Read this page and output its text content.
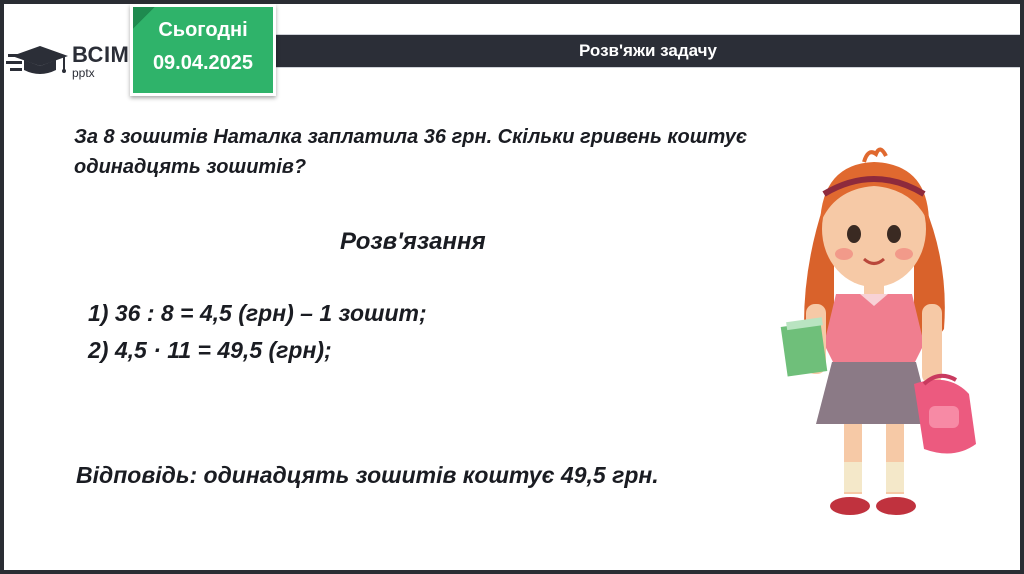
Розв'яжи задачу
ВСІМ
pptx
Сьогодні
09.04.2025
За 8 зошитів Наталка заплатила 36 грн. Скільки гривень коштує одинадцять зошитів?
Розв'язання
1) 36 : 8 = 4,5 (грн) – 1 зошит;
2) 4,5 · 11 = 49,5 (грн);
Відповідь: одинадцять зошитів коштує 49,5 грн.
